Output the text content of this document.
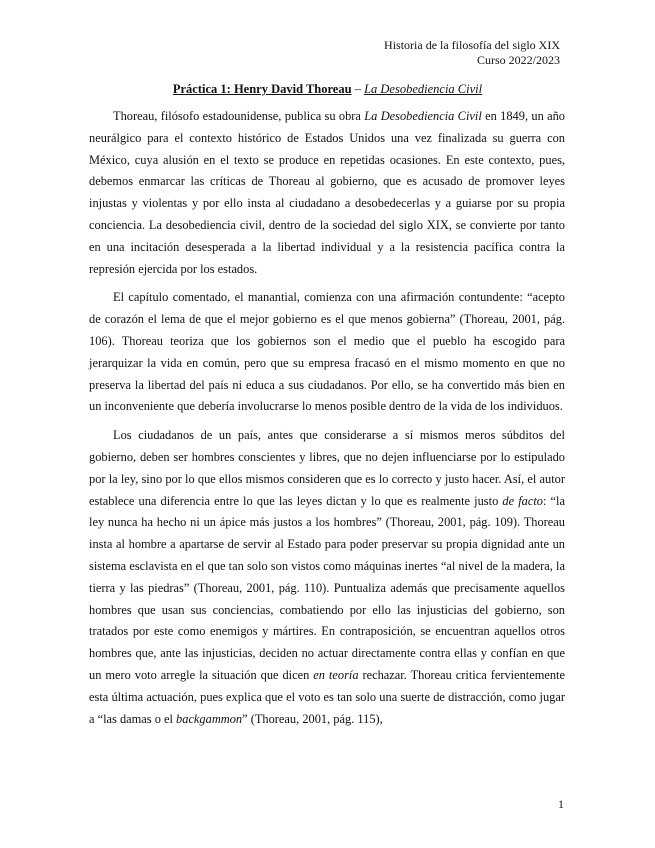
Historia de la filosofía del siglo XIX
Curso 2022/2023
Práctica 1: Henry David Thoreau – La Desobediencia Civil

Thoreau, filósofo estadounidense, publica su obra La Desobediencia Civil en 1849, un año neurálgico para el contexto histórico de Estados Unidos una vez finalizada su guerra con México, cuya alusión en el texto se produce en repetidas ocasiones. En este contexto, pues, debemos enmarcar las críticas de Thoreau al gobierno, que es acusado de promover leyes injustas y violentas y por ello insta al ciudadano a desobedecerlas y a guiarse por su propia conciencia. La desobediencia civil, dentro de la sociedad del siglo XIX, se convierte por tanto en una incitación desesperada a la libertad individual y a la resistencia pacífica contra la represión ejercida por los estados.

El capítulo comentado, el manantial, comienza con una afirmación contundente: “acepto de corazón el lema de que el mejor gobierno es el que menos gobierna” (Thoreau, 2001, pág. 106). Thoreau teoriza que los gobiernos son el medio que el pueblo ha escogido para jerarquizar la vida en común, pero que su empresa fracasó en el mismo momento en que no preserva la libertad del país ni educa a sus ciudadanos. Por ello, se ha convertido más bien en un inconveniente que debería involucrarse lo menos posible dentro de la vida de los individuos.

Los ciudadanos de un país, antes que considerarse a sí mismos meros súbditos del gobierno, deben ser hombres conscientes y libres, que no dejen influenciarse por lo estipulado por la ley, sino por lo que ellos mismos consideren que es lo correcto y justo hacer. Así, el autor establece una diferencia entre lo que las leyes dictan y lo que es realmente justo de facto: “la ley nunca ha hecho ni un ápice más justos a los hombres” (Thoreau, 2001, pág. 109). Thoreau insta al hombre a apartarse de servir al Estado para poder preservar su propia dignidad ante un sistema esclavista en el que tan solo son vistos como máquinas inertes “al nivel de la madera, la tierra y las piedras” (Thoreau, 2001, pág. 110). Puntualiza además que precisamente aquellos hombres que usan sus conciencias, combatiendo por ello las injusticias del gobierno, son tratados por este como enemigos y mártires. En contraposición, se encuentran aquellos otros hombres que, ante las injusticias, deciden no actuar directamente contra ellas y confían en que un mero voto arregle la situación que dicen en teoría rechazar. Thoreau critica fervientemente esta última actuación, pues explica que el voto es tan solo una suerte de distracción, como jugar a “las damas o el backgammon” (Thoreau, 2001, pág. 115),

1
